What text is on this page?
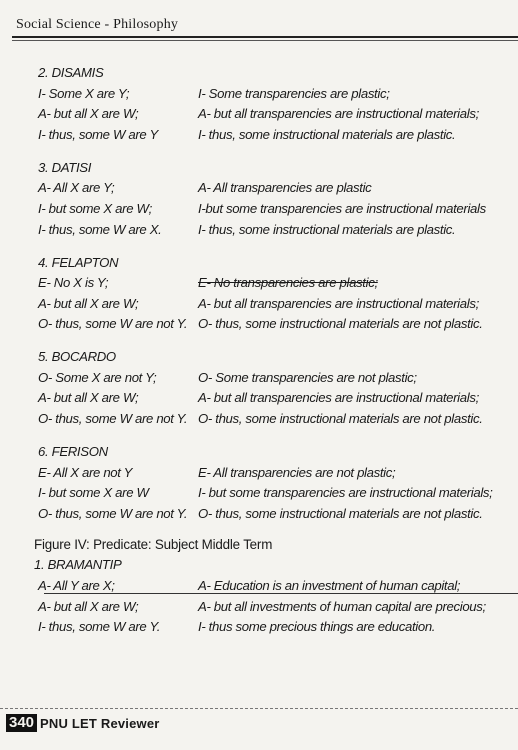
Social Science - Philosophy
2. DISAMIS
I- Some X are Y;	I- Some transparencies are plastic;
A- but all X are W;	A- but all transparencies are instructional materials;
I- thus, some W are Y	I- thus, some instructional materials are plastic.
3. DATISI
A- All X are Y;	A- All transparencies are plastic
I- but some X are W;	I-but some transparencies are instructional materials
I- thus, some W are X.	I- thus, some instructional materials are plastic.
4. FELAPTON
E- No X is Y;	E- No transparencies are plastic;
A- but all X are W;	A- but all transparencies are instructional materials;
O- thus, some W are not Y. O- thus, some instructional materials are not plastic.
5. BOCARDO
O- Some X are not Y;	O- Some transparencies are not plastic;
A- but all X are W;	A- but all transparencies are instructional materials;
O- thus, some W are not Y. O- thus, some instructional materials are not plastic.
6. FERISON
E- All X are not Y	E- All transparencies are not plastic;
I- but some X are W	I- but some transparencies are instructional materials;
O- thus, some W are not Y. O- thus, some instructional materials are not plastic.
Figure IV: Predicate: Subject Middle Term
1. BRAMANTIP
A- All Y are X;	A- Education is an investment of human capital;
A- but all X are W;	A- but all investments of human capital are precious;
I- thus, some W are Y.	I- thus some precious things are education.
340 PNU LET Reviewer
